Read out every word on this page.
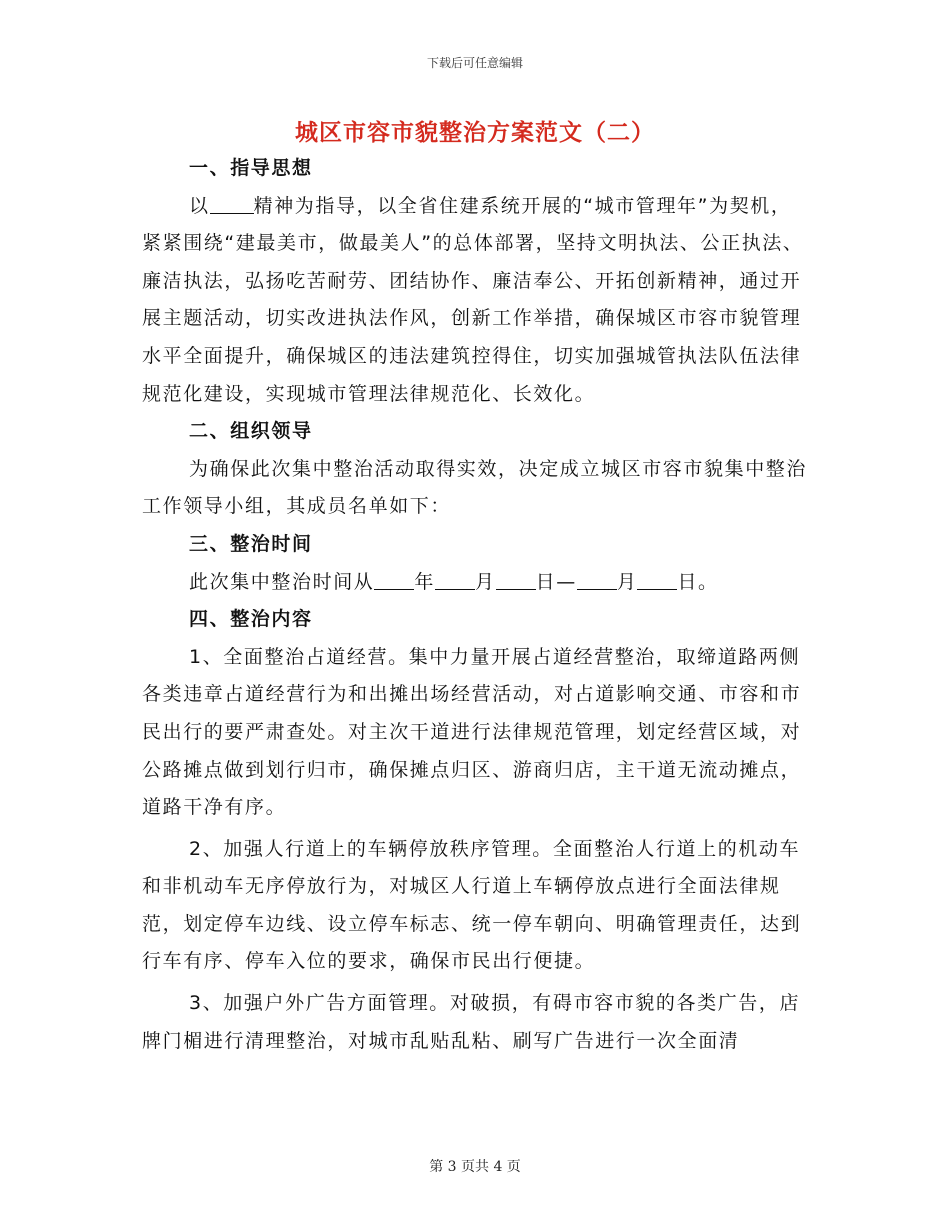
下载后可任意编辑
城区市容市貌整治方案范文（二）

一、指导思想

以 精神为指导，以全省住建系统开展的“城市管理年”为契机，紧紧围绕“建最美市，做最美人”的总体部署，坚持文明执法、公正执法、廉洁执法，弘扬吃苦耐劳、团结协作、廉洁奉公、开拓创新精神，通过开展主题活动，切实改进执法作风，创新工作举措，确保城区市容市貌管理水平全面提升，确保城区的违法建筑控得住，切实加强城管执法队伍法律规范化建设，实现城市管理法律规范化、长效化。

二、组织领导

为确保此次集中整治活动取得实效，决定成立城区市容市貌集中整治工作领导小组，其成员名单如下：

三、整治时间

此次集中整治时间从 年 月 日— 月 日。

四、整治内容

1、全面整治占道经营。集中力量开展占道经营整治，取缔道路两侧各类违章占道经营行为和出摊出场经营活动，对占道影响交通、市容和市民出行的要严肃查处。对主次干道进行法律规范管理，划定经营区域，对公路摊点做到划行归市，确保摊点归区、游商归店，主干道无流动摊点，道路干净有序。

2、加强人行道上的车辆停放秩序管理。全面整治人行道上的机动车和非机动车无序停放行为，对城区人行道上车辆停放点进行全面法律规范，划定停车边线、设立停车标志、统一停车朝向、明确管理责任，达到行车有序、停车入位的要求，确保市民出行便捷。

3、加强户外广告方面管理。对破损，有碍市容市貌的各类广告，店牌门楣进行清理整治，对城市乱贴乱粘、刷写广告进行一次全面清

第 3 页共 4 页
